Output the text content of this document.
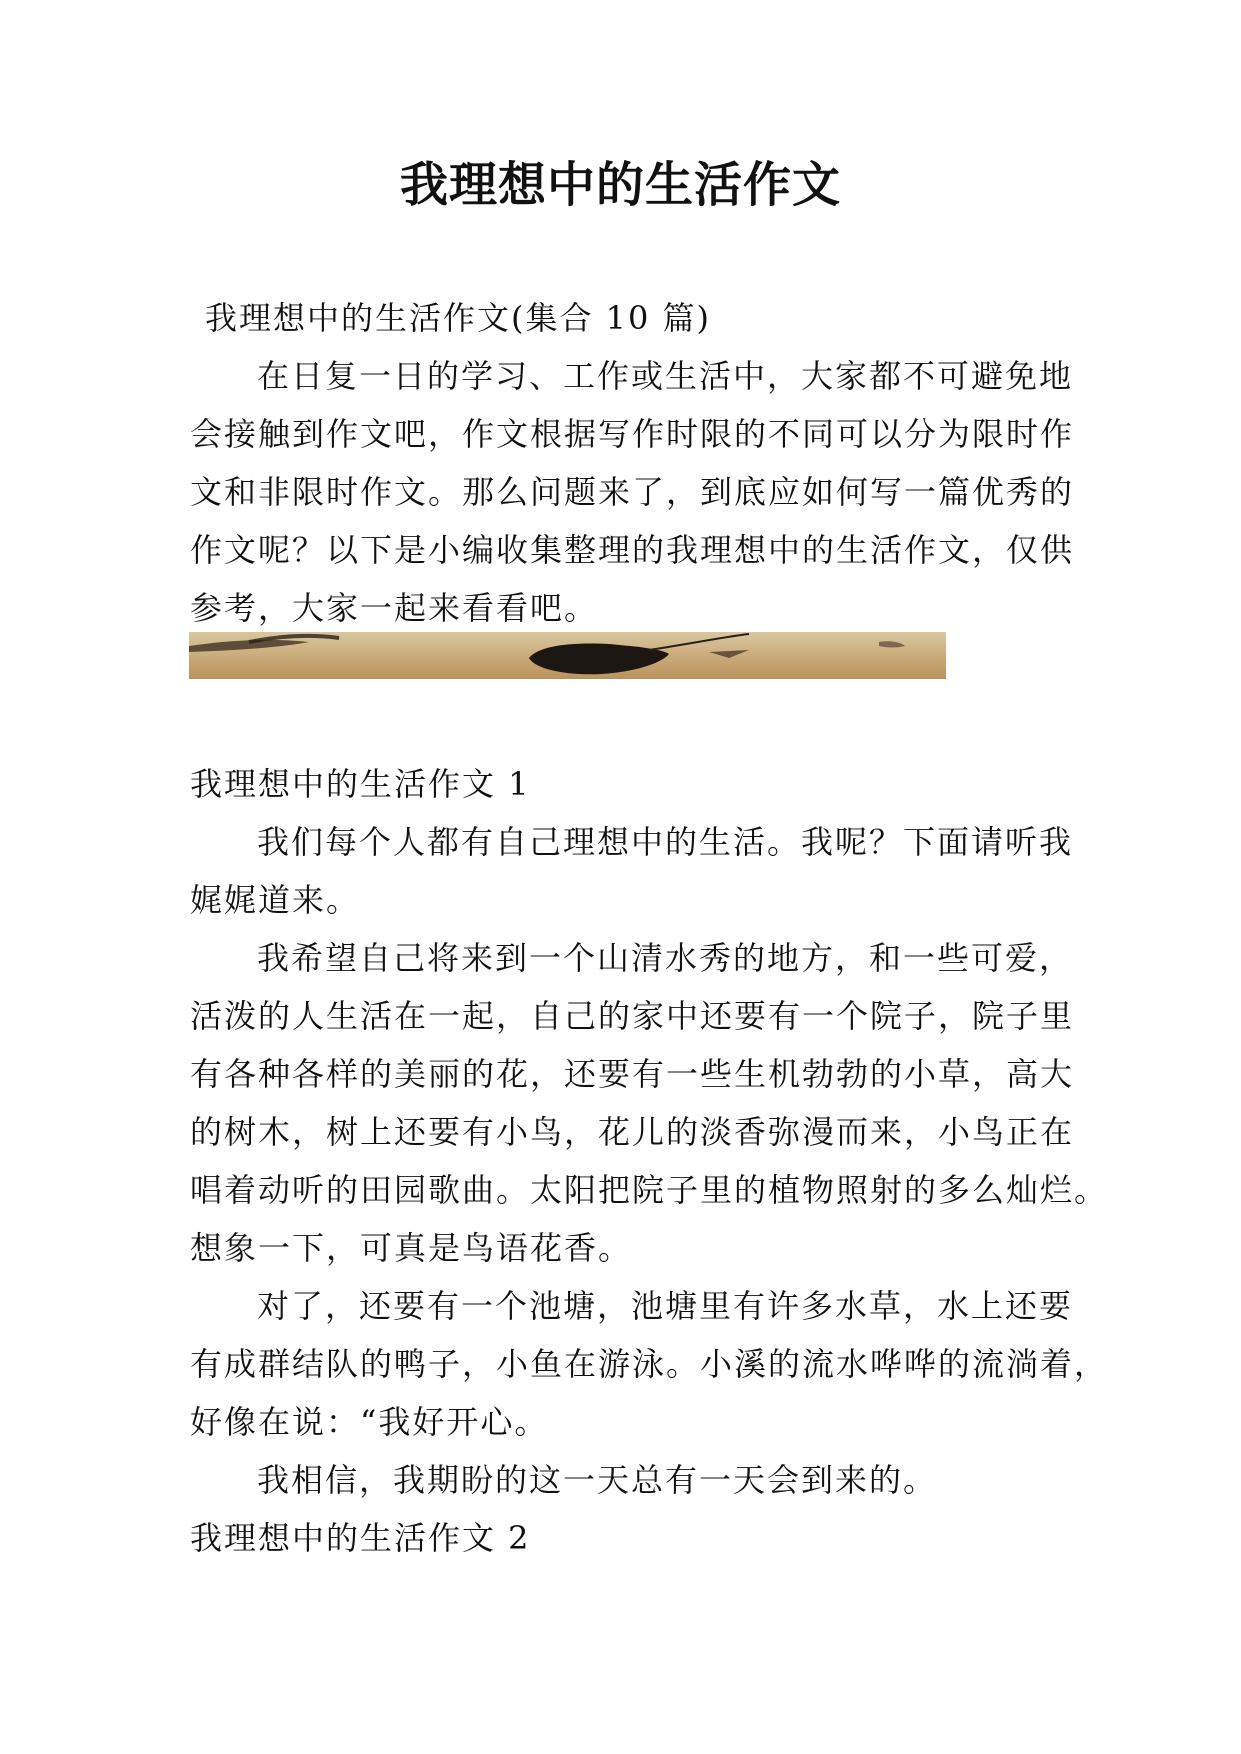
我理想中的生活作文
我理想中的生活作文(集合 10 篇)
在日复一日的学习、工作或生活中，大家都不可避免地
会接触到作文吧，作文根据写作时限的不同可以分为限时作
文和非限时作文。那么问题来了，到底应如何写一篇优秀的
作文呢？以下是小编收集整理的我理想中的生活作文，仅供
参考，大家一起来看看吧。
我理想中的生活作文 1
我们每个人都有自己理想中的生活。我呢？下面请听我
娓娓道来。
我希望自己将来到一个山清水秀的地方，和一些可爱，
活泼的人生活在一起，自己的家中还要有一个院子，院子里
有各种各样的美丽的花，还要有一些生机勃勃的小草，高大
的树木，树上还要有小鸟，花儿的淡香弥漫而来，小鸟正在
唱着动听的田园歌曲。太阳把院子里的植物照射的多么灿烂。
想象一下，可真是鸟语花香。
对了，还要有一个池塘，池塘里有许多水草，水上还要
有成群结队的鸭子，小鱼在游泳。小溪的流水哗哗的流淌着，
好像在说：“我好开心。
我相信，我期盼的这一天总有一天会到来的。
我理想中的生活作文 2
